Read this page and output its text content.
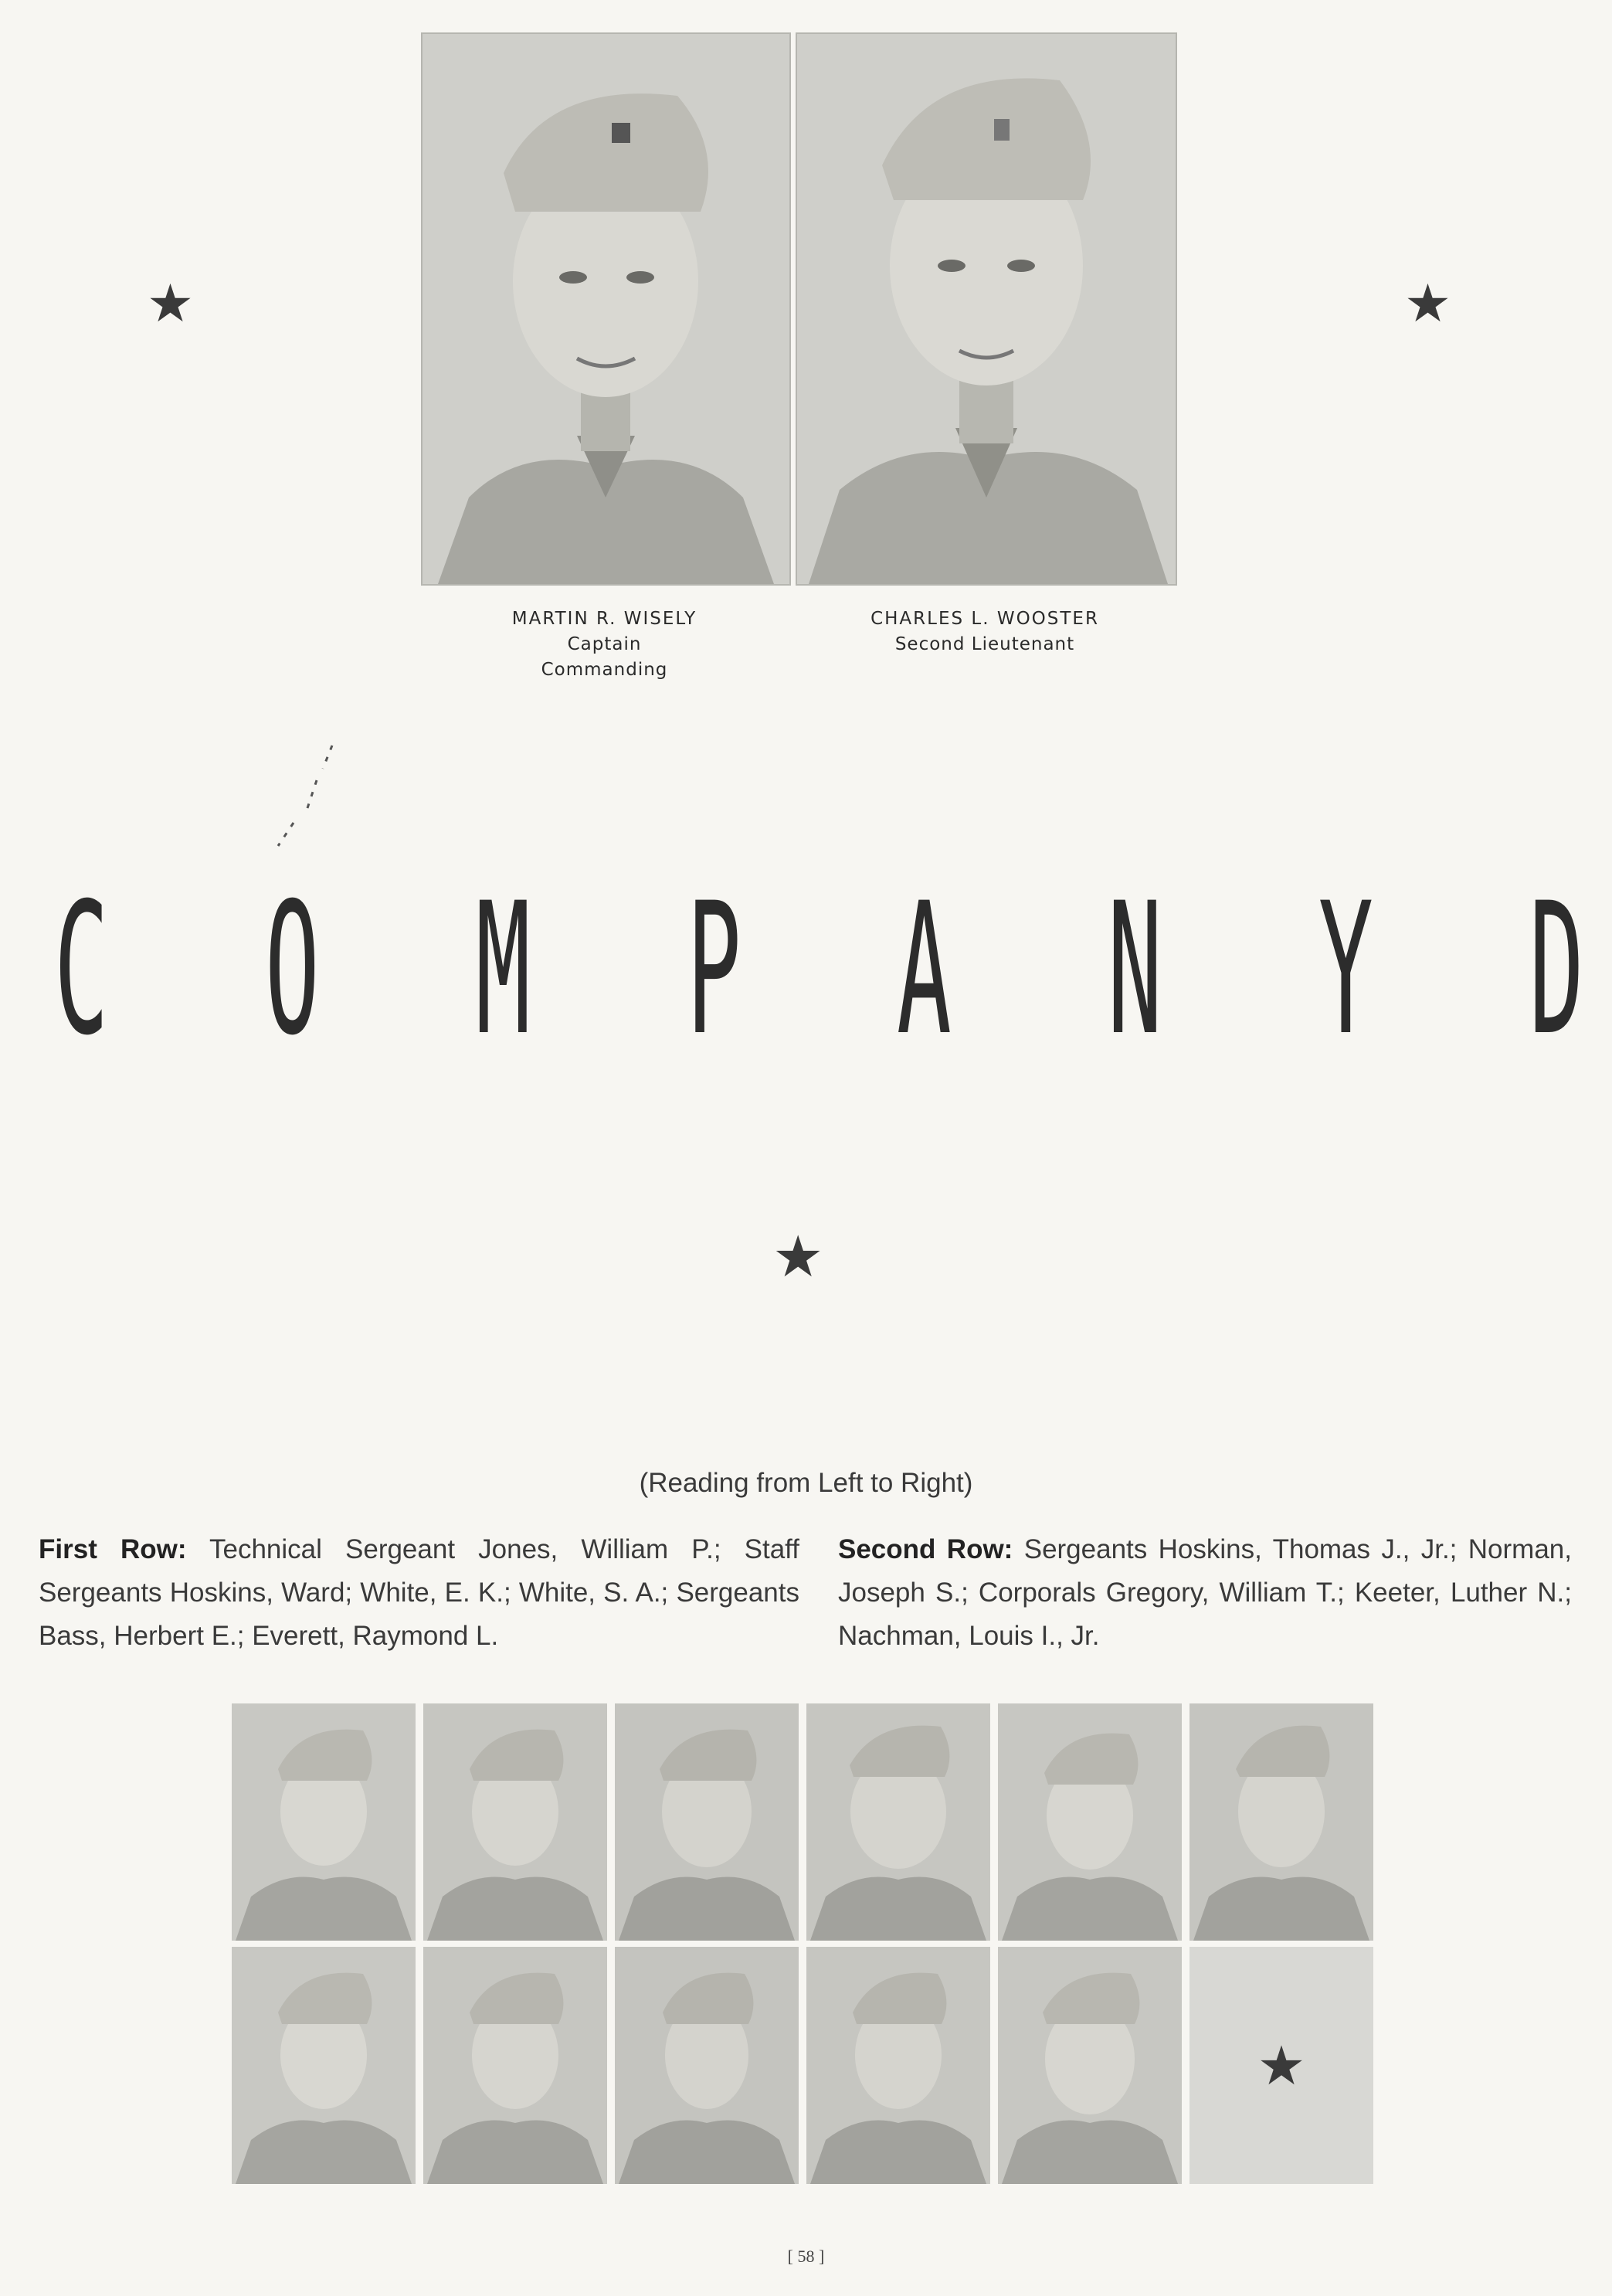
MARTIN R. WISELY
Captain
Commanding
CHARLES L. WOOSTER
Second Lieutenant
★	★
★
C O M P A N Y D
(Reading from Left to Right)
First Row: Technical Sergeant Jones, William P.; Staff Sergeants Hoskins, Ward; White, E. K.; White, S. A.; Sergeants Bass, Herbert E.; Everett, Raymond L.
Second Row: Sergeants Hoskins, Thomas J., Jr.; Norman, Joseph S.; Corporals Gregory, William T.; Keeter, Luther N.; Nachman, Louis I., Jr.
★
[ 58 ]
